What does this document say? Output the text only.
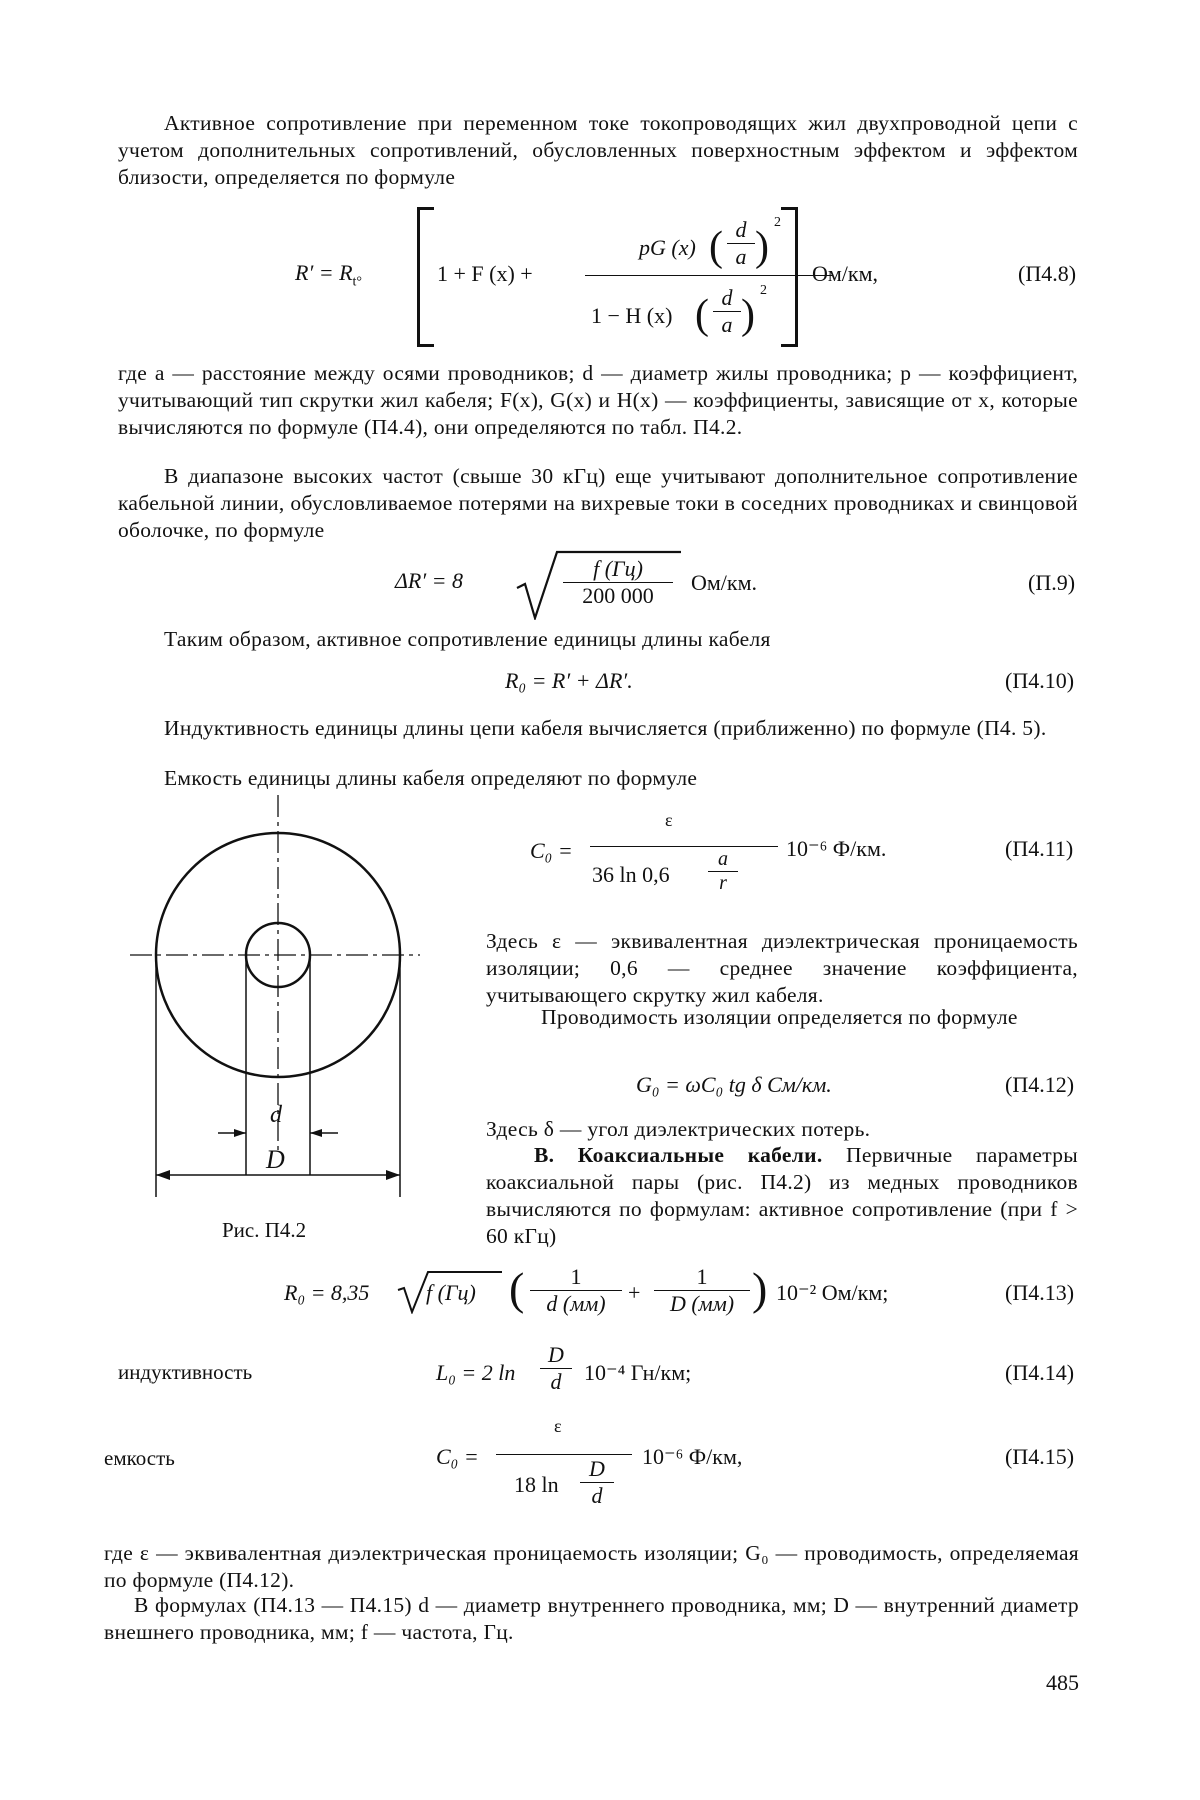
Активное сопротивление при переменном токе токопроводящих жил двухпроводной цепи с учетом дополнительных сопротивлений, обусловленных поверхностным эффектом и эффектом близости, определяется по формуле
$R' = R_{t^\circ}$	1 + F (x) +
pG (x) ( $\frac{d}{a}$ )
2
1 − H (x) ( $\frac{d}{a}$ )
2
Ом/км,	(П4.8)
где a — расстояние между осями проводников; d — диаметр жилы проводника; p — коэффициент, учитывающий тип скрутки жил кабеля; F(x), G(x) и H(x) — коэффициенты, зависящие от x, которые вычисляются по формуле (П4.4), они определяются по табл. П4.2.
В диапазоне высоких частот (свыше 30 кГц) еще учитывают дополнительное сопротивление кабельной линии, обусловливаемое потерями на вихревые токи в соседних проводниках и свинцовой оболочке, по формуле
ΔR′ = 8	f (Гц)
200 000
Ом/км.	(П.9)
Таким образом, активное сопротивление единицы длины кабеля
R₀ = R′ + ΔR′.	(П4.10)
Индуктивность единицы длины цепи кабеля вычисляется (приближенно) по формуле (П4. 5).
Емкость единицы длины кабеля определяют по формуле
d
D
Рис. П4.2
C₀ =
ε
36 $\ln 0,6 \frac{a}{r} 10^{-6}$ Ф/км.	(П4.11)
Здесь ε — эквивалентная диэлектрическая проницаемость изоляции; 0,6 — среднее значение коэффициента, учитывающего скрутку жил кабеля.
Проводимость изоляции определяется по формуле
G₀ = ωC₀ tg δ См/км.	(П4.12)
Здесь δ — угол диэлектрических потерь.
В. Коаксиальные кабели. Первичные параметры коаксиальной пары (рис. П4.2) из медных проводников вычисляются по формулам: активное сопротивление (при f > 60 кГц)
R₀ = 8,35	f (Гц) (	1
d (мм)	+
1
D (мм) ) 10⁻² Ом/км;	(П4.13)
индуктивность	L₀ = 2 $\ln \frac{D}{d} 10^{-4}$ Гн/км;	(П4.14)
емкость	C₀ =
ε
18 $\ln \frac{D}{d} 10^{-6}$ Ф/км,	(П4.15)
где ε — эквивалентная диэлектрическая проницаемость изоляции; G₀ — проводимость, определяемая по формуле (П4.12).
В формулах (П4.13 — П4.15) d — диаметр внутреннего проводника, мм; D — внутренний диаметр внешнего проводника, мм; f — частота, Гц.
485
